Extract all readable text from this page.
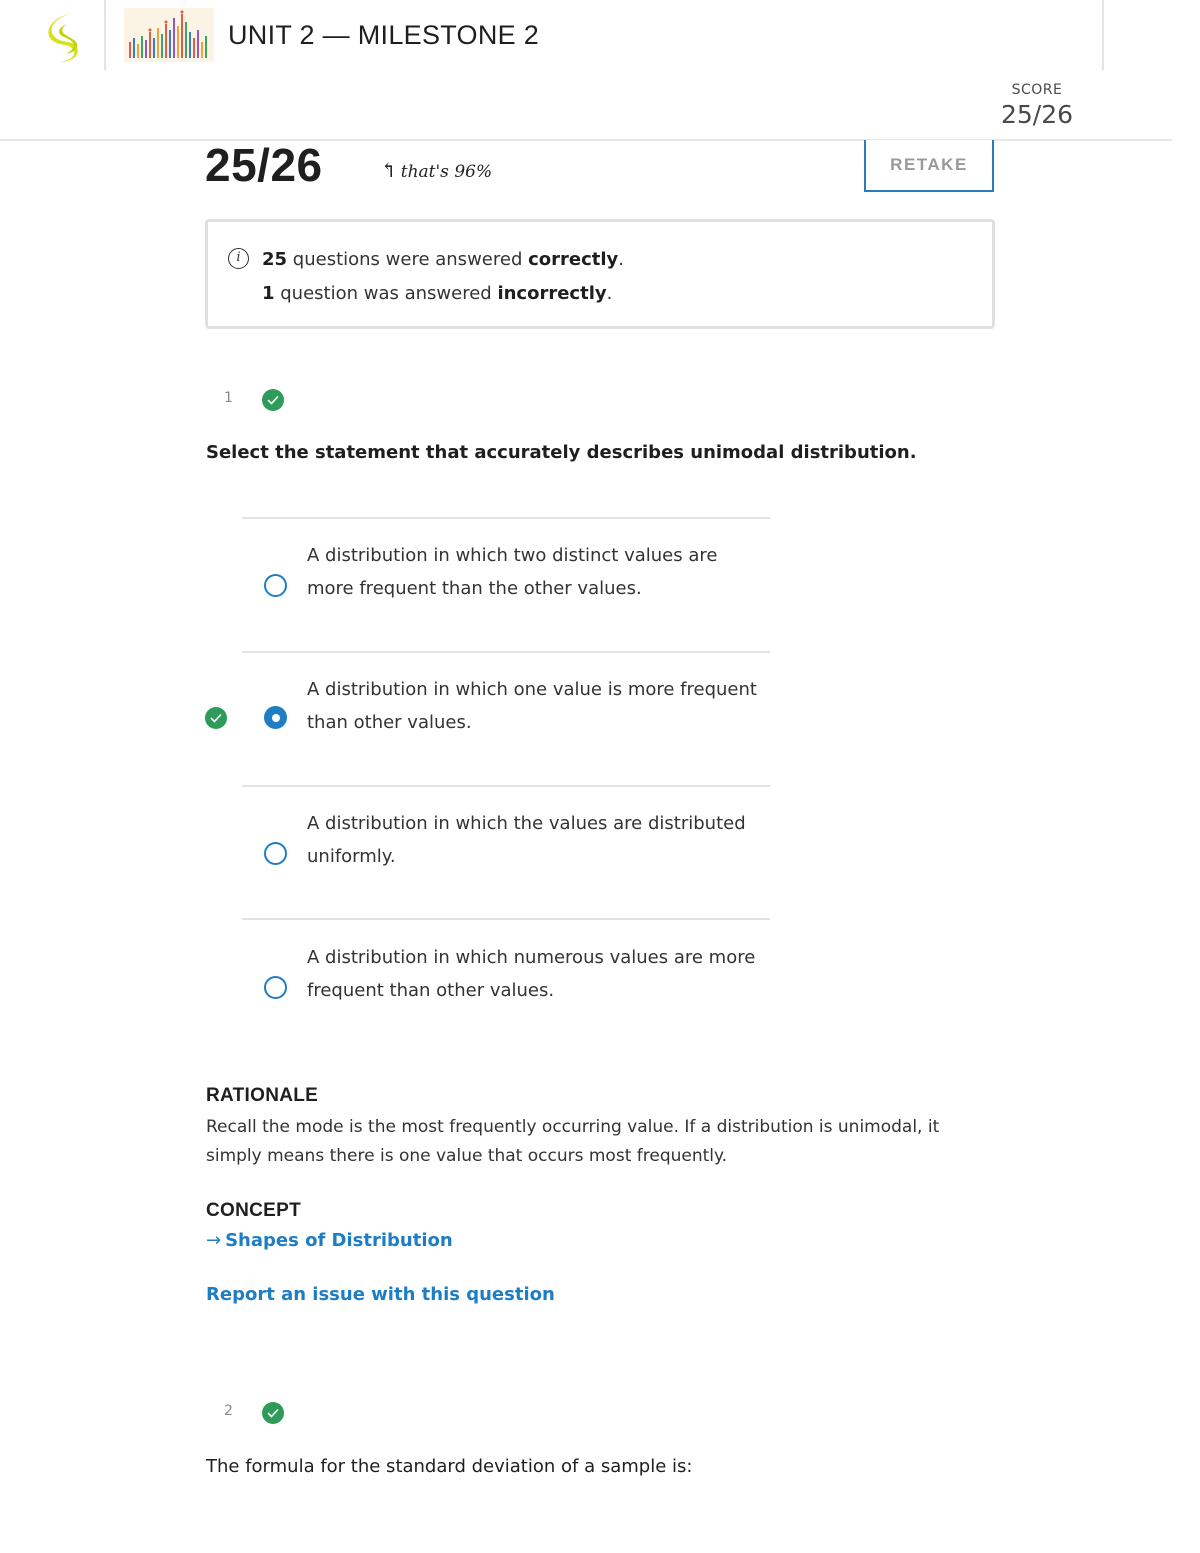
UNIT 2 — MILESTONE 2
SCORE
25/26
25/26	↰ that's 96%	RETAKE
i	25 questions were answered correctly.
1 question was answered incorrectly.
1
Select the statement that accurately describes unimodal distribution.
A distribution in which two distinct values are more frequent than the other values.
A distribution in which one value is more frequent than other values.
A distribution in which the values are distributed uniformly.
A distribution in which numerous values are more frequent than other values.
RATIONALE
Recall the mode is the most frequently occurring value. If a distribution is unimodal, it simply means there is one value that occurs most frequently.
CONCEPT
→ Shapes of Distribution
Report an issue with this question
2
The formula for the standard deviation of a sample is:
